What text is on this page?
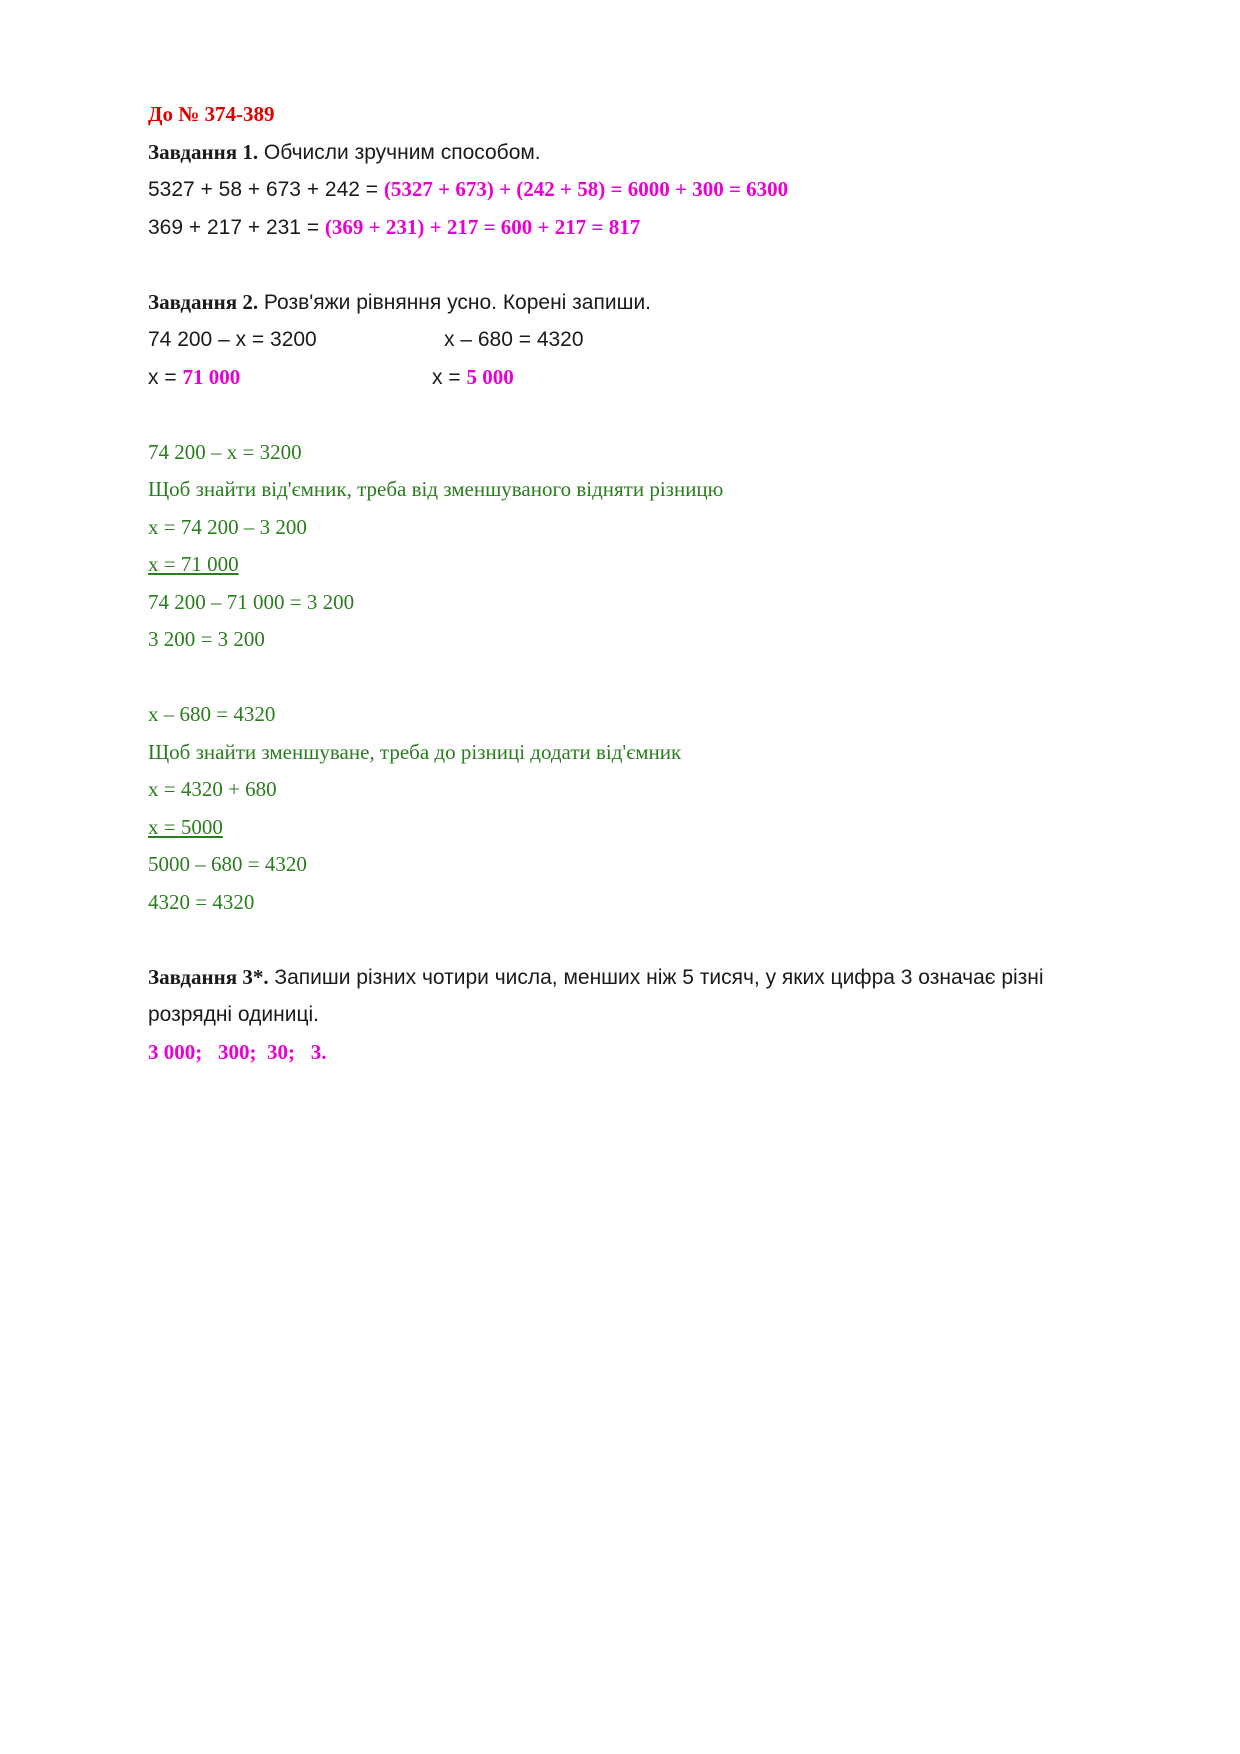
До № 374-389
Завдання 1. Обчисли зручним способом.
5327 + 58 + 673 + 242 = (5327 + 673) + (242 + 58) = 6000 + 300 = 6300
369 + 217 + 231 = (369 + 231) + 217 = 600 + 217 = 817
Завдання 2. Розв'яжи рівняння усно. Корені запиши.
74 200 – x = 3200	x – 680 = 4320
x = 71 000	x = 5 000
74 200 – x = 3200
Щоб знайти від'ємник, треба від зменшуваного відняти різницю
x = 74 200 – 3 200
x = 71 000
74 200 – 71 000 = 3 200
3 200 = 3 200
x – 680 = 4320
Щоб знайти зменшуване, треба до різниці додати від'ємник
x = 4320 + 680
x = 5000
5000 – 680 = 4320
4320 = 4320
Завдання 3*. Запиши різних чотири числа, менших ніж 5 тисяч, у яких цифра 3 означає різні
розрядні одиниці.
3 000;   300;  30;   3.
